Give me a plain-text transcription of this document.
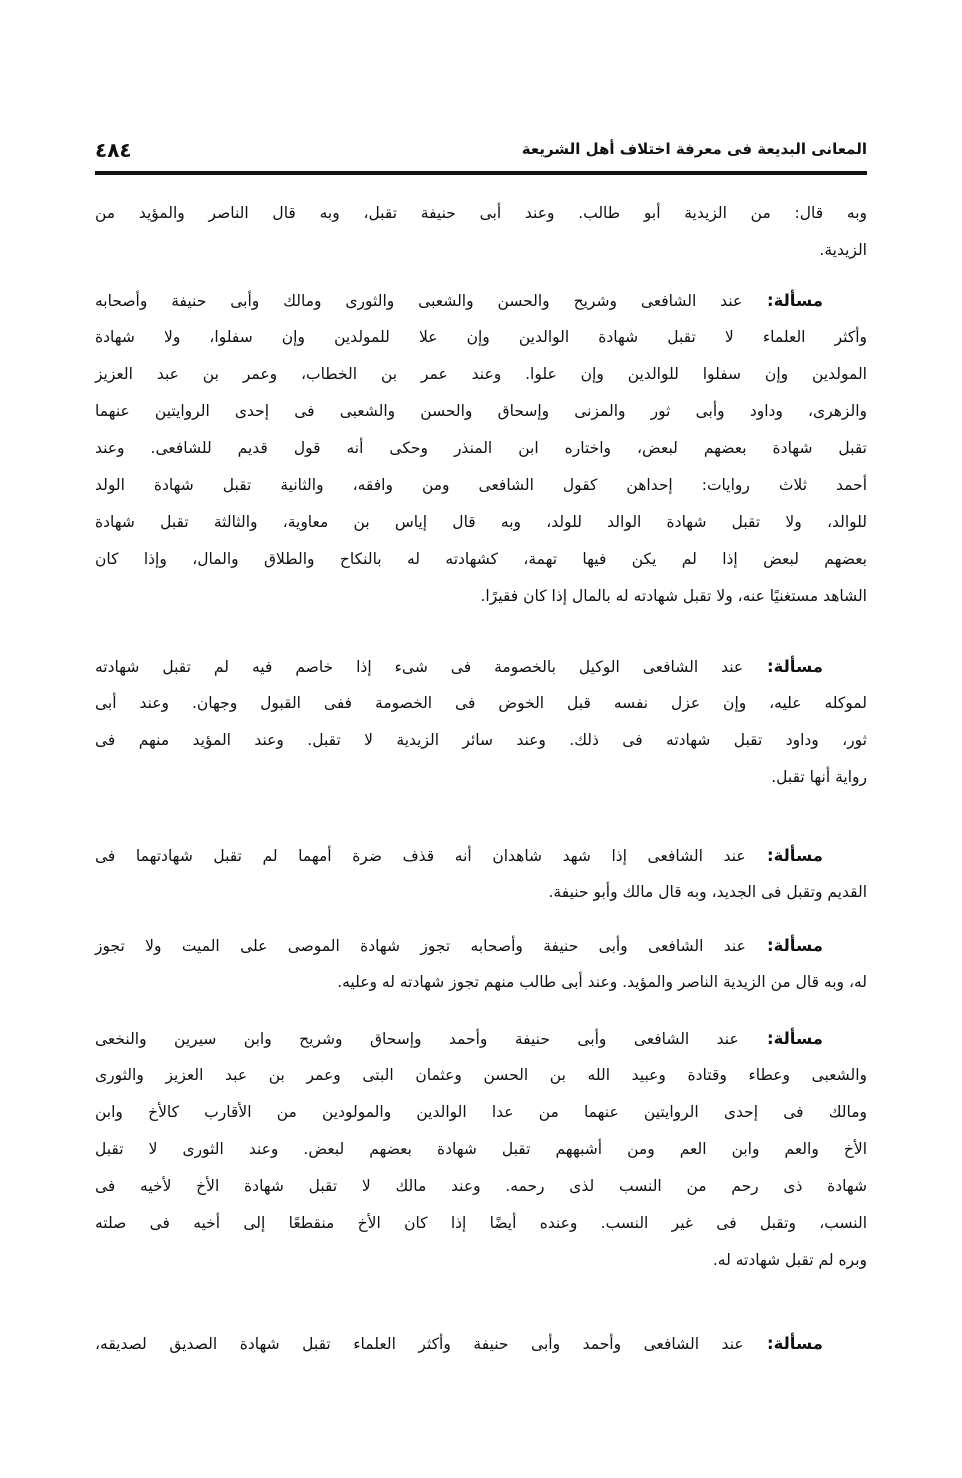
٤٨٤	المعانى البديعة فى معرفة اختلاف أهل الشريعة
وبه قال: من الزيدية أبو طالب. وعند أبى حنيفة تقبل، وبه قال الناصر والمؤيد من
الزيدية.
مسألة: عند الشافعى وشريح والحسن والشعبى والثورى ومالك وأبى حنيفة وأصحابه
وأكثر العلماء لا تقبل شهادة الوالدين وإن علا للمولدين وإن سفلوا، ولا شهادة
المولدين وإن سفلوا للوالدين وإن علوا. وعند عمر بن الخطاب، وعمر بن عبد العزيز
والزهرى، وداود وأبى ثور والمزنى وإسحاق والحسن والشعبى فى إحدى الروايتين عنهما
تقبل شهادة بعضهم لبعض، واختاره ابن المنذر وحكى أنه قول قديم للشافعى. وعند
أحمد ثلاث روايات: إحداهن كقول الشافعى ومن وافقه، والثانية تقبل شهادة الولد
للوالد، ولا تقبل شهادة الوالد للولد، وبه قال إياس بن معاوية، والثالثة تقبل شهادة
بعضهم لبعض إذا لم يكن فيها تهمة، كشهادته له بالنكاح والطلاق والمال، وإذا كان
الشاهد مستغنيًا عنه، ولا تقبل شهادته له بالمال إذا كان فقيرًا.
مسألة: عند الشافعى الوكيل بالخصومة فى شىء إذا خاصم فيه لم تقبل شهادته
لموكله عليه، وإن عزل نفسه قبل الخوض فى الخصومة ففى القبول وجهان. وعند أبى
ثور، وداود تقبل شهادته فى ذلك. وعند سائر الزيدية لا تقبل. وعند المؤيد منهم فى
رواية أنها تقبل.
مسألة: عند الشافعى إذا شهد شاهدان أنه قذف ضرة أمهما لم تقبل شهادتهما فى
القديم وتقبل فى الجديد، وبه قال مالك وأبو حنيفة.
مسألة: عند الشافعى وأبى حنيفة وأصحابه تجوز شهادة الموصى على الميت ولا تجوز
له، وبه قال من الزيدية الناصر والمؤيد. وعند أبى طالب منهم تجوز شهادته له وعليه.
مسألة: عند الشافعى وأبى حنيفة وأحمد وإسحاق وشريح وابن سيرين والنخعى
والشعبى وعطاء وقتادة وعبيد الله بن الحسن وعثمان البتى وعمر بن عبد العزيز والثورى
ومالك فى إحدى الروايتين عنهما من عدا الوالدين والمولودين من الأقارب كالأخ وابن
الأخ والعم وابن العم ومن أشبههم تقبل شهادة بعضهم لبعض. وعند الثورى لا تقبل
شهادة ذى رحم من النسب لذى رحمه. وعند مالك لا تقبل شهادة الأخ لأخيه فى
النسب، وتقبل فى غير النسب. وعنده أيضًا إذا كان الأخ منقطعًا إلى أخيه فى صلته
وبره لم تقبل شهادته له.
مسألة: عند الشافعى وأحمد وأبى حنيفة وأكثر العلماء تقبل شهادة الصديق لصديقه،
